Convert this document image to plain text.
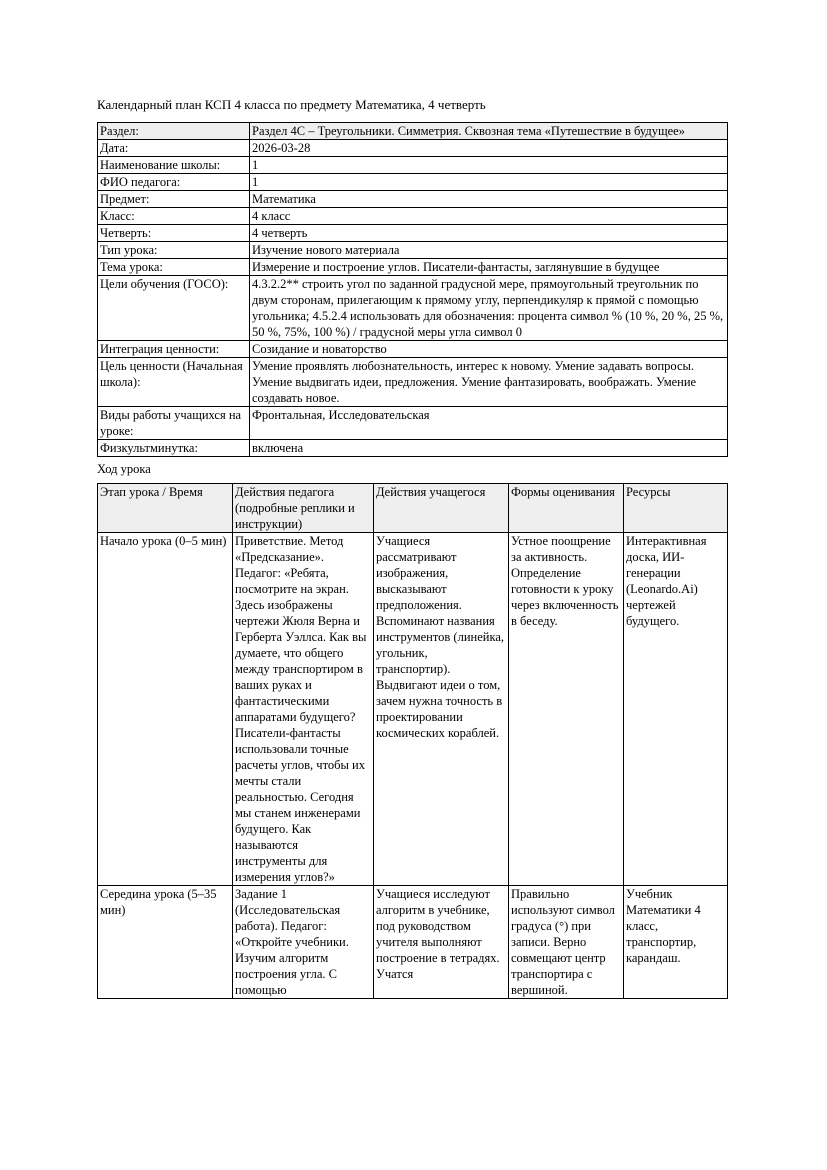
Календарный план КСП 4 класса по предмету Математика, 4 четверть
Раздел:	Раздел 4С – Треугольники. Симметрия. Сквозная тема «Путешествие в будущее»
Дата:	2026-03-28
Наименование школы:	1
ФИО педагога:	1
Предмет:	Математика
Класс:	4 класс
Четверть:	4 четверть
Тип урока:	Изучение нового материала
Тема урока:	Измерение и построение углов. Писатели-фантасты, заглянувшие в будущее
Цели обучения (ГОСО):	4.3.2.2** строить угол по заданной градусной мере, прямоугольный треугольник по двум сторонам, прилегающим к прямому углу, перпендикуляр к прямой с помощью угольника; 4.5.2.4 использовать для обозначения: процента символ % (10 %, 20 %, 25 %, 50 %, 75%, 100 %) / градусной меры угла символ 0
Интеграция ценности:	Созидание и новаторство
Цель ценности (Начальная школа):	Умение проявлять любознательность, интерес к новому. Умение задавать вопросы. Умение выдвигать идеи, предложения. Умение фантазировать, воображать. Умение создавать новое.
Виды работы учащихся на уроке:	Фронтальная, Исследовательская
Физкультминутка:	включена
Ход урока
Этап урока / Время	Действия педагога (подробные реплики и инструкции)	Действия учащегося	Формы оценивания	Ресурсы
Начало урока (0–5 мин)	Приветствие. Метод «Предсказание». Педагог: «Ребята, посмотрите на экран. Здесь изображены чертежи Жюля Верна и Герберта Уэллса. Как вы думаете, что общего между транспортиром в ваших руках и фантастическими аппаратами будущего? Писатели-фантасты использовали точные расчеты углов, чтобы их мечты стали реальностью. Сегодня мы станем инженерами будущего. Как называются инструменты для измерения углов?»	Учащиеся рассматривают изображения, высказывают предположения. Вспоминают названия инструментов (линейка, угольник, транспортир). Выдвигают идеи о том, зачем нужна точность в проектировании космических кораблей.	Устное поощрение за активность. Определение готовности к уроку через включенность в беседу.	Интерактивная доска, ИИ-генерации (Leonardo.Ai) чертежей будущего.
Середина урока (5–35 мин)	Задание 1 (Исследовательская работа). Педагог: «Откройте учебники. Изучим алгоритм построения угла. С помощью	Учащиеся исследуют алгоритм в учебнике, под руководством учителя выполняют построение в тетрадях. Учатся	Правильно используют символ градуса (°) при записи. Верно совмещают центр транспортира с вершиной.	Учебник Математики 4 класс, транспортир, карандаш.
